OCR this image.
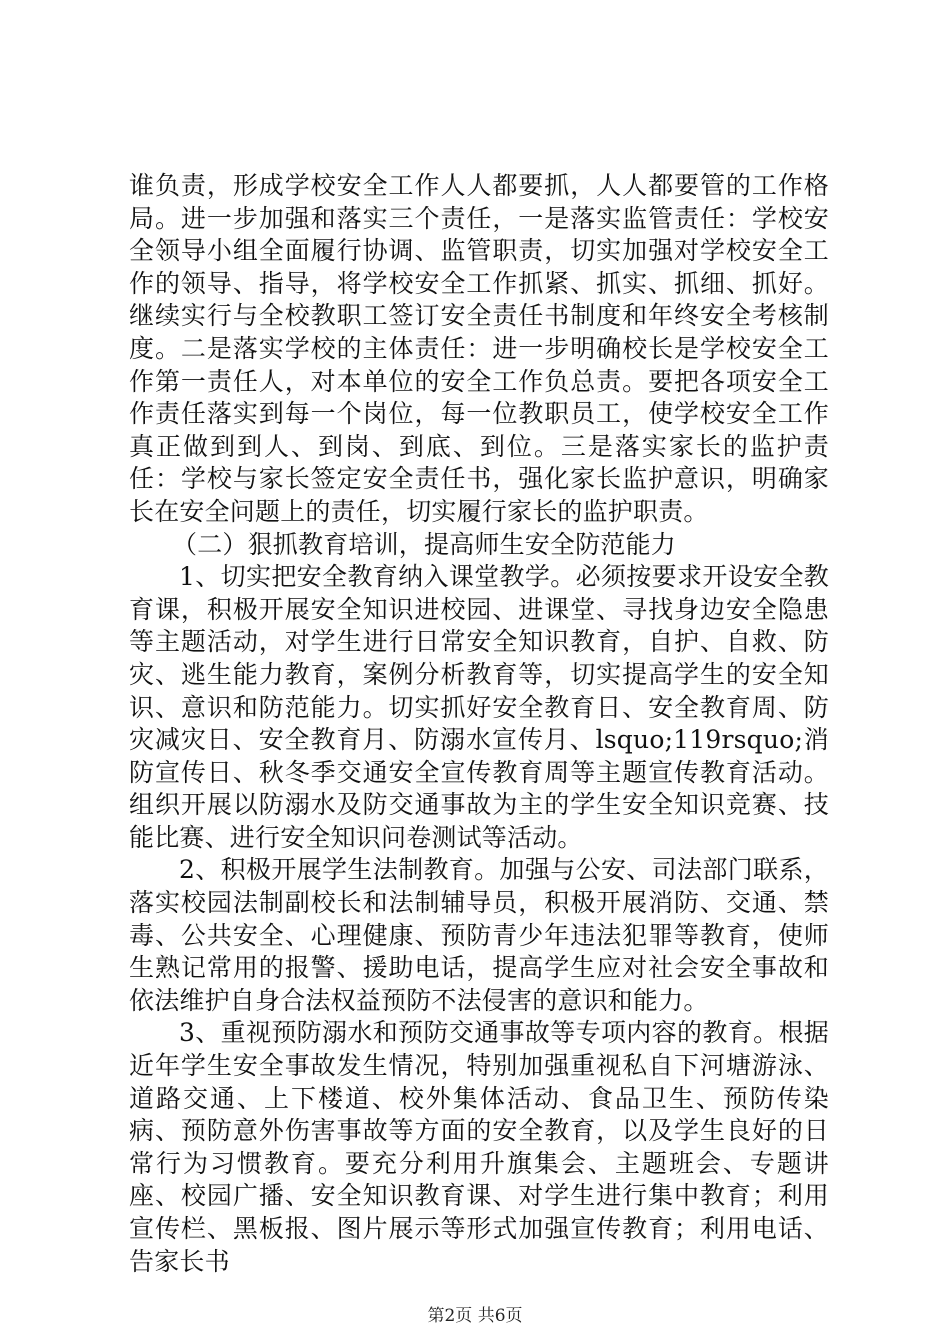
谁负责，形成学校安全工作人人都要抓，人人都要管的工作格局。进一步加强和落实三个责任，一是落实监管责任：学校安全领导小组全面履行协调、监管职责，切实加强对学校安全工作的领导、指导，将学校安全工作抓紧、抓实、抓细、抓好。继续实行与全校教职工签订安全责任书制度和年终安全考核制度。二是落实学校的主体责任：进一步明确校长是学校安全工作第一责任人，对本单位的安全工作负总责。要把各项安全工作责任落实到每一个岗位，每一位教职员工，使学校安全工作真正做到到人、到岗、到底、到位。三是落实家长的监护责任：学校与家长签定安全责任书，强化家长监护意识，明确家长在安全问题上的责任，切实履行家长的监护职责。

（二）狠抓教育培训，提高师生安全防范能力

1、切实把安全教育纳入课堂教学。必须按要求开设安全教育课，积极开展安全知识进校园、进课堂、寻找身边安全隐患等主题活动，对学生进行日常安全知识教育，自护、自救、防灾、逃生能力教育，案例分析教育等，切实提高学生的安全知识、意识和防范能力。切实抓好安全教育日、安全教育周、防灾减灾日、安全教育月、防溺水宣传月、lsquo;119rsquo;消防宣传日、秋冬季交通安全宣传教育周等主题宣传教育活动。组织开展以防溺水及防交通事故为主的学生安全知识竞赛、技能比赛、进行安全知识问卷测试等活动。

2、积极开展学生法制教育。加强与公安、司法部门联系，落实校园法制副校长和法制辅导员，积极开展消防、交通、禁毒、公共安全、心理健康、预防青少年违法犯罪等教育，使师生熟记常用的报警、援助电话，提高学生应对社会安全事故和依法维护自身合法权益预防不法侵害的意识和能力。

3、重视预防溺水和预防交通事故等专项内容的教育。根据近年学生安全事故发生情况，特别加强重视私自下河塘游泳、道路交通、上下楼道、校外集体活动、食品卫生、预防传染病、预防意外伤害事故等方面的安全教育，以及学生良好的日常行为习惯教育。要充分利用升旗集会、主题班会、专题讲座、校园广播、安全知识教育课、对学生进行集中教育；利用宣传栏、黑板报、图片展示等形式加强宣传教育；利用电话、告家长书

第2页 共6页
